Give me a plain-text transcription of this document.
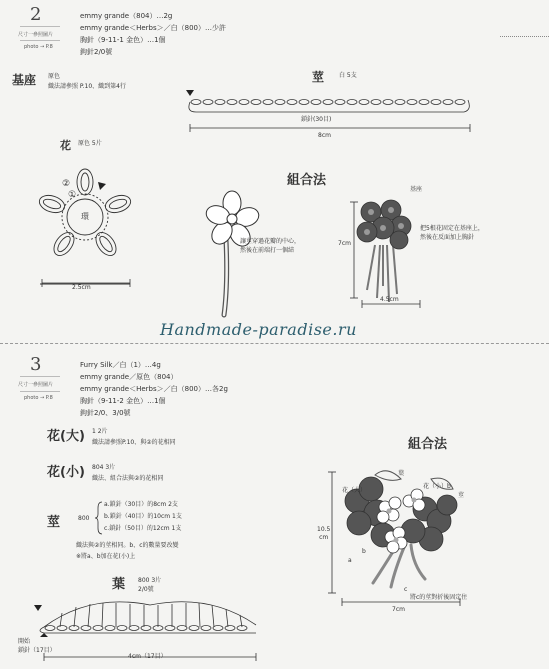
2
尺寸一參照圖片
photo → P.8
emmy grande（804）…2g
emmy grande＜Herbs＞／白（800）…少許
胸針（9-11-1 金色）…1個
鉤針2/0號
基座 原色
織法請參照 P.10、織到第4行
莖 白 5支
鎖針(30目)
8cm
花 原色 5片
環
②
①
2.5cm
組合法
讓莖穿過花瓣的中心，
然後在前端打一個結
基座
把5根花固定在基座上，
然後在反面加上胸針
7cm
4.5cm
Handmade-paradise.ru
3
尺寸一參照圖片
photo → P.8
Furry Silk／白（1）…4g
emmy grande／原色（804）
emmy grande＜Herbs＞／白（800）…各2g
胸針（9-11-2 金色）…1個
鉤針2/0、3/0號
花(大) 1 2片
織法請參照P.10、與②的花相同
花(小) 804 3片
織法、組合法與②的花相同
莖	800
a.鎖針（30目）的8cm 2支
b.鎖針（40目）的10cm 1支
c.鎖針（50目）的12cm 1支
織法與②的莖相同。b、c的數量要改變
※將a、b加在花(小)上
葉 800 3片
2/0號
開始
鎖針（17目）
4cm（17目）
組合法
葉
花（大）
花（小）b
莖
a
b
c
將c的莖對折後固定住
10.5
cm
7cm
